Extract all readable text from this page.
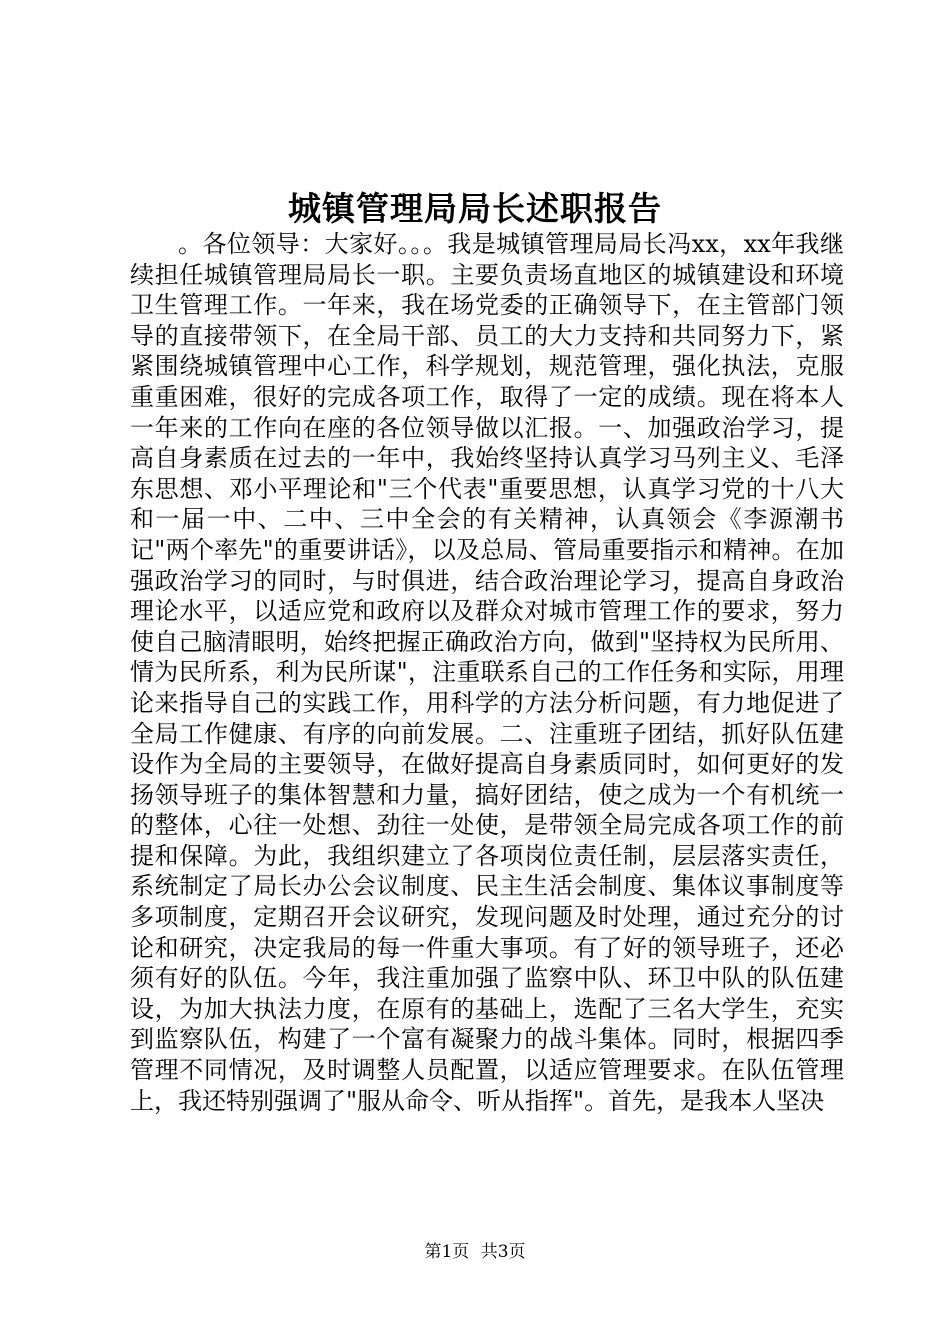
城镇管理局局长述职报告

。各位领导：大家好。。。我是城镇管理局局长冯xx，xx年我继续担任城镇管理局局长一职。主要负责场直地区的城镇建设和环境卫生管理工作。一年来，我在场党委的正确领导下，在主管部门领导的直接带领下，在全局干部、员工的大力支持和共同努力下，紧紧围绕城镇管理中心工作，科学规划，规范管理，强化执法，克服重重困难，很好的完成各项工作，取得了一定的成绩。现在将本人一年来的工作向在座的各位领导做以汇报。一、加强政治学习，提高自身素质在过去的一年中，我始终坚持认真学习马列主义、毛泽东思想、邓小平理论和"三个代表"重要思想，认真学习党的十八大和一届一中、二中、三中全会的有关精神，认真领会《李源潮书记"两个率先"的重要讲话》，以及总局、管局重要指示和精神。在加强政治学习的同时，与时俱进，结合政治理论学习，提高自身政治理论水平，以适应党和政府以及群众对城市管理工作的要求，努力使自己脑清眼明，始终把握正确政治方向，做到"坚持权为民所用、情为民所系，利为民所谋"，注重联系自己的工作任务和实际，用理论来指导自己的实践工作，用科学的方法分析问题，有力地促进了全局工作健康、有序的向前发展。二、注重班子团结，抓好队伍建设作为全局的主要领导，在做好提高自身素质同时，如何更好的发扬领导班子的集体智慧和力量，搞好团结，使之成为一个有机统一的整体，心往一处想、劲往一处使，是带领全局完成各项工作的前提和保障。为此，我组织建立了各项岗位责任制，层层落实责任，系统制定了局长办公会议制度、民主生活会制度、集体议事制度等多项制度，定期召开会议研究，发现问题及时处理，通过充分的讨论和研究，决定我局的每一件重大事项。有了好的领导班子，还必须有好的队伍。今年，我注重加强了监察中队、环卫中队的队伍建设，为加大执法力度，在原有的基础上，选配了三名大学生，充实到监察队伍，构建了一个富有凝聚力的战斗集体。同时，根据四季管理不同情况，及时调整人员配置，以适应管理要求。在队伍管理上，我还特别强调了"服从命令、听从指挥"。首先，是我本人坚决

第1页 共3页
